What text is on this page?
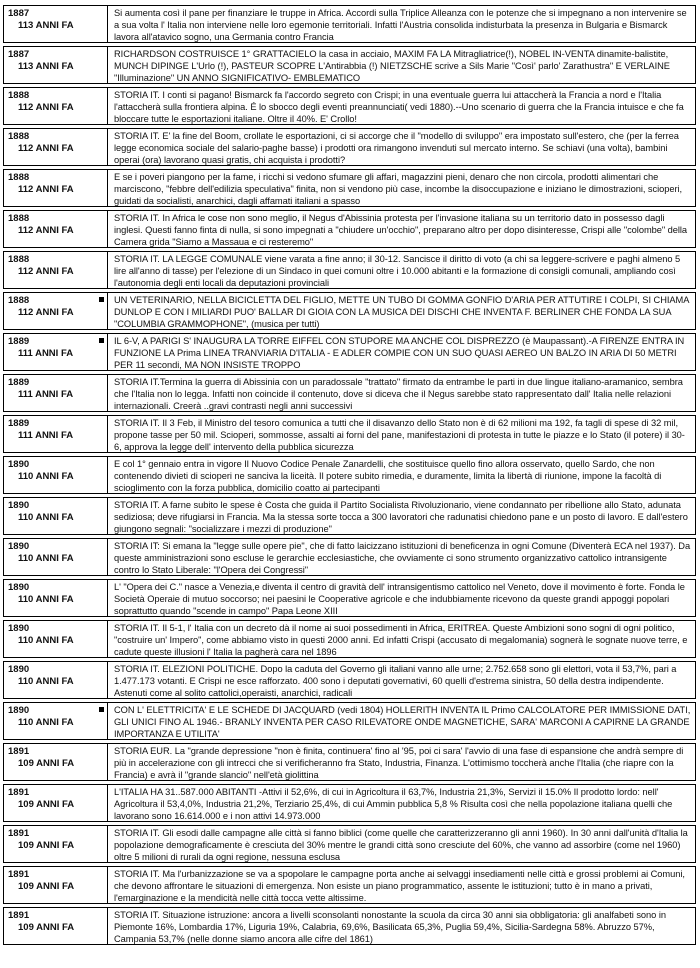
1887
113 ANNI FA
Si aumenta così il pane per finanziare le truppe in Africa. Accordi sulla Triplice Alleanza con le potenze che si impegnano a non intervenire se a sua volta l' Italia non interviene nelle loro egemonie territoriali. Infatti l'Austria consolida indisturbata la presenza in Bulgaria e Bismarck lavora all'atavico sogno, una Germania contro Francia
1887
113 ANNI FA
RICHARDSON COSTRUISCE 1° GRATTACIELO la casa in acciaio, MAXIM FA LA Mitragliatrice(!), NOBEL IN-VENTA dinamite-balistite, MUNCH DIPINGE L'Urlo (!), PASTEUR SCOPRE L'Antirabbia (!) NIETZSCHE scrive a Sils Marie "Così' parlo' Zarathustra" E VERLAINE "Illuminazione" UN ANNO SIGNIFICATIVO- EMBLEMATICO
1888
112 ANNI FA
STORIA IT. I conti si pagano! Bismarck fa l'accordo segreto con Crispi; in una eventuale guerra lui attaccherà la Francia a nord e l'Italia l'attaccherà sulla frontiera alpina. É lo sbocco degli eventi preannunciati( vedi 1880).--Uno scenario di guerra che la Francia intuisce e che fa bloccare tutte le esportazioni italiane. Oltre il 40%. E' Crollo!
1888
112 ANNI FA
STORIA IT. E' la fine del Boom, crollate le esportazioni, ci si accorge che il "modello di sviluppo" era impostato sull'estero, che (per la ferrea legge economica sociale del salario-paghe basse) i prodotti ora rimangono invenduti sul mercato interno. Se schiavi (una volta), bambini operai (ora) lavorano quasi gratis, chi acquista i prodotti?
1888
112 ANNI FA
E se i poveri piangono per la fame, i ricchi si vedono sfumare gli affari, magazzini pieni, denaro che non circola, prodotti alimentari che marciscono, "febbre dell'edilizia speculativa" finita, non si vendono più case, incombe la disoccupazione e iniziano le dimostrazioni, scioperi, guidati da socialisti, anarchici, dagli affamati italiani a spasso
1888
112 ANNI FA
STORIA IT. In Africa le cose non sono meglio, il Negus d'Abissinia protesta per l'invasione italiana su un territorio dato in possesso dagli inglesi. Questi fanno finta di nulla, si sono impegnati a "chiudere un'occhio", preparano altro per dopo disinteresse, Crispi alle "colombe" della Camera grida "Siamo a Massaua e ci resteremo"
1888
112 ANNI FA
STORIA IT. LA LEGGE COMUNALE viene varata a fine anno; il 30-12. Sancisce il diritto di voto (a chi sa leggere-scrivere e paghi almeno 5 lire all'anno di tasse) per l'elezione di un Sindaco in quei comuni oltre i 10.000 abitanti e la formazione di consigli comunali, ampliando così l'autonomia degli enti locali da deputazioni provinciali
1888
112 ANNI FA
UN VETERINARIO, NELLA BICICLETTA DEL FIGLIO, METTE UN TUBO DI GOMMA GONFIO D'ARIA PER ATTUTIRE I COLPI, SI CHIAMA DUNLOP E CON I MILIARDI PUO' BALLAR DI GIOIA CON LA MUSICA DEI DISCHI CHE INVENTA F. BERLINER CHE FONDA LA SUA "COLUMBIA GRAMMOPHONE", (musica per tutti)
1889
111 ANNI FA
IL 6-V, A PARIGI S' INAUGURA LA TORRE EIFFEL CON STUPORE MA ANCHE COL DISPREZZO (è Maupassant).-A FIRENZE ENTRA IN FUNZIONE LA Prima LINEA TRANVIARIA D'ITALIA - E ADLER COMPIE CON UN SUO QUASI AEREO UN BALZO IN ARIA DI 50 METRI PER 11 secondi, MA NON INSISTE TROPPO
1889
111 ANNI FA
STORIA IT.Termina la guerra di Abissinia con un paradossale "trattato" firmato da entrambe le parti in due lingue italiano-aramanico, sembra che l'Italia non lo legga. Infatti non coincide il contenuto, dove si diceva che il Negus sarebbe stato rappresentato dall' Italia nelle relazioni internazionali. Creerà ..gravi contrasti negli anni successivi
1889
111 ANNI FA
STORIA IT. Il 3 Feb, il Ministro del tesoro comunica a tutti che il disavanzo dello Stato non è di 62 milioni ma 192, fa tagli di spese di 32 mil, propone tasse per 50 mil. Scioperi, sommosse, assalti ai forni del pane, manifestazioni di protesta in tutte le piazze e lo Stato (il potere) il 30-6, approva la legge dell' intervento della pubblica sicurezza
1890
110 ANNI FA
E col 1° gennaio entra in vigore Il Nuovo Codice Penale Zanardelli, che sostituisce quello fino allora osservato, quello Sardo, che non contenendo divieti di scioperi ne sanciva la liceità. Il potere subito rimedia, e duramente, limita la libertà di riunione, impone la facoltà di scioglimento con la forza pubblica, domicilio coatto ai partecipanti
1890
110 ANNI FA
STORIA IT. A farne subito le spese è Costa che guida il Partito Socialista Rivoluzionario, viene condannato per ribellione allo Stato, adunata sediziosa; deve rifugiarsi in Francia. Ma la stessa sorte tocca a 300 lavoratori che radunatisi chiedono pane e un posto di lavoro. E dall'estero giungono segnali: "socializzare i mezzi di produzione"
1890
110 ANNI FA
STORIA IT: Si emana la "legge sulle opere pie", che di fatto laicizzano istituzioni di beneficenza in ogni Comune (Diventerà ECA nel 1937). Da queste amministrazioni sono escluse le gerarchie ecclesiastiche, che ovviamente ci sono strumento organizzativo cattolico intransigente contro lo Stato Liberale: "l'Opera dei Congressi"
1890
110 ANNI FA
L' "Opera dei C." nasce a Venezia,e diventa il centro di gravità dell' intransigentismo cattolico nel Veneto, dove il movimento è forte. Fonda le Società Operaie di mutuo soccorso; nei paesini le Cooperative agricole e che indubbiamente ricevono da queste grandi appoggi popolari soprattutto quando "scende in campo" Papa Leone XIII
1890
110 ANNI FA
STORIA IT. Il 5-1, l' Italia con un decreto dà il nome ai suoi possedimenti in Africa, ERITREA. Queste Ambizioni sono sogni di ogni politico, "costruire un' Impero", come abbiamo visto in questi 2000 anni. Ed infatti Crispi (accusato di megalomania) sognerà le sognate nuove terre, e cadute queste illusioni l' Italia la pagherà cara nel 1896
1890
110 ANNI FA
STORIA IT. ELEZIONI POLITICHE. Dopo la caduta del Governo gli italiani vanno alle urne; 2.752.658 sono gli elettori, vota il 53,7%, pari a 1.477.173 votanti. E Crispi ne esce rafforzato. 400 sono i deputati governativi, 60 quelli d'estrema sinistra, 50 della destra indipendente. Astenuti come al solito cattolici,operaisti, anarchici, radicali
1890
110 ANNI FA
CON L' ELETTRICITA' E LE SCHEDE DI JACQUARD (vedi 1804) HOLLERITH INVENTA IL Primo CALCOLATORE PER IMMISSIONE DATI, GLI UNICI FINO AL 1946.- BRANLY INVENTA PER CASO RILEVATORE ONDE MAGNETICHE, SARA' MARCONI A CAPIRNE LA GRANDE IMPORTANZA E UTILITA'
1891
109 ANNI FA
STORIA EUR. La "grande depressione "non è finita, continuera' fino al '95, poi ci sara' l'avvio di una fase di espansione che andrà sempre di più in accelerazione con gli intrecci che si verificheranno fra Stato, Industria, Finanza. L'ottimismo toccherà anche l'Italia (che riapre con la Francia) e avrà il "grande slancio" nell'età giolittina
1891
109 ANNI FA
L'ITALIA HA 31..587.000 ABITANTI -Attivi il 52,6%, di cui in Agricoltura il 63,7%, Industria 21,3%, Servizi il 15.0% Il prodotto lordo: nell' Agricoltura il 53,4,0%, Industria 21,2%, Terziario 25,4%, di cui Ammin pubblica 5,8 % Risulta così che nella popolazione italiana quelli che lavorano sono 16.614.000 e i non attivi 14.973.000
1891
109 ANNI FA
STORIA IT. Gli esodi dalle campagne alle città si fanno biblici (come quelle che caratterizzeranno gli anni 1960). In 30 anni dall'unità d'Italia la popolazione demograficamente è cresciuta del 30% mentre le grandi città sono cresciute del 60%, che vanno ad assorbire (come nel 1960) oltre 5 milioni di rurali da ogni regione, nessuna esclusa
1891
109 ANNI FA
STORIA IT. Ma l'urbanizzazione se va a spopolare le campagne porta anche ai selvaggi insediamenti nelle città e grossi problemi ai Comuni, che devono affrontare le situazioni di emergenza. Non esiste un piano programmatico, assente le istituzioni; tutto è in mano a privati, l'emarginazione e la mendicità nelle città tocca vette altissime.
1891
109 ANNI FA
STORIA IT. Situazione istruzione: ancora a livelli sconsolanti nonostante la scuola da circa 30 anni sia obbligatoria: gli analfabeti sono in Piemonte 16%, Lombardia 17%, Liguria 19%, Calabria, 69,6%, Basilicata 65,3%, Puglia 59,4%, Sicilia-Sardegna 58%. Abruzzo 57%, Campania 53,7% (nelle donne siamo ancora alle cifre del 1861)
